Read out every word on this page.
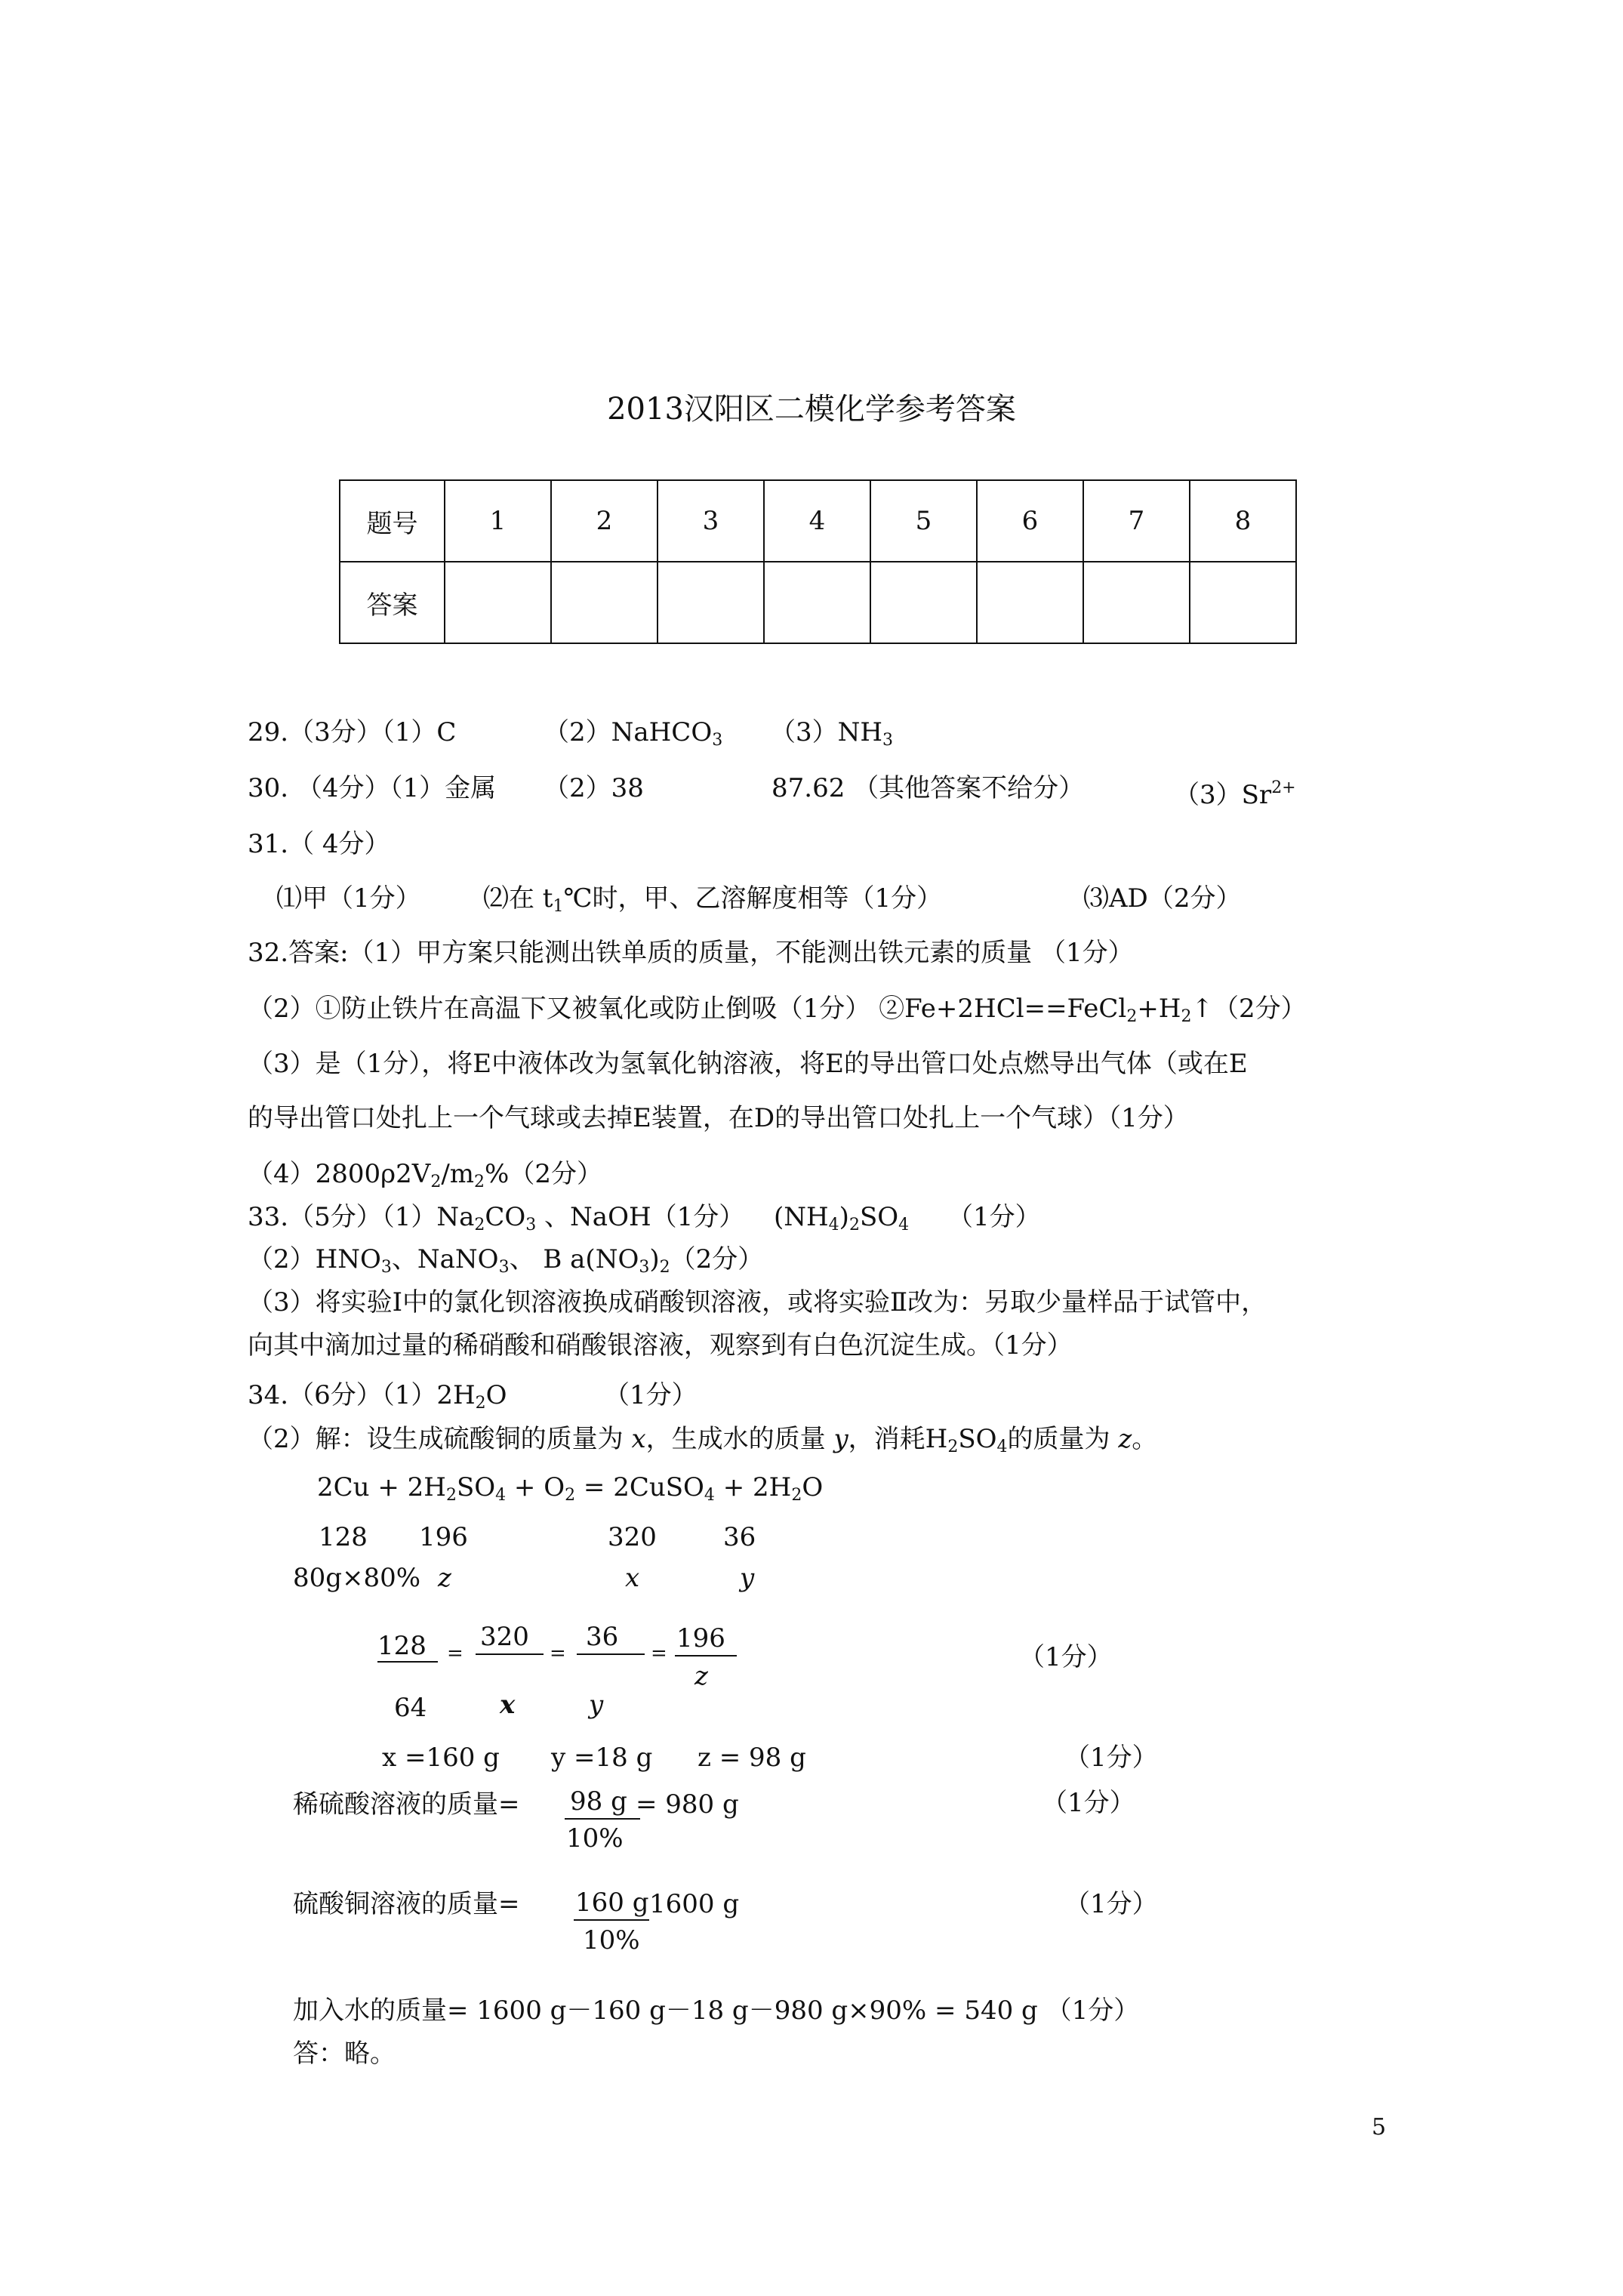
2013汉阳区二模化学参考答案
题号	1	2	3	4	5	6	7	8
答案								
29.（3分）（1）C	（2）NaHCO$_3$ $(3)NH_3$
30. （4分）（1）金属 （2）38	87.62 （其他答案不给分）	$(3)Sr^{2+}$
31.（ 4分）
⑴甲（1分） ⑵在 $t_1℃$时，甲、乙溶解度相等（1分）	⑶AD（2分）
32.答案:（1）甲方案只能测出铁单质的质量，不能测出铁元素的质量 （1分）
（2）①防止铁片在高温下又被氧化或防止倒吸（1分） $②Fe+2HCl==FeCl_2+H_2↑(2$分）
（3）是（1分），将E中液体改为氢氧化钠溶液，将E的导出管口处点燃导出气体（或在E
的导出管口处扎上一个气球或去掉E装置，在D的导出管口处扎上一个气球）（1分）
$(4)2800\rho 2V_2/m_2\%(2$分）
33.（5分）$(1)Na_2CO_3$ 、NaOH（1分） $(NH_4)_2SO_4$ （1分）
$(2)HNO_3$、NaNO$_3$、 B $a(NO_3)_2(2$分）
（3）将实验Ⅰ中的氯化钡溶液换成硝酸钡溶液，或将实验Ⅱ改为：另取少量样品于试管中，
向其中滴加过量的稀硝酸和硝酸银溶液，观察到有白色沉淀生成。（1分）
34.（6分）$(1)2H_2O$	（1分）
（2）解：设生成硫酸铜的质量为 x，生成水的质量 y，消耗$H_2SO_4$的质量为 z。
$2Cu + 2H_2SO_4 + O_2$ = 2CuSO$_4$ + $2H_2O$
128 196	320	36
80g×80% z	x	y
128
64
=
320
x
=
36
y
= 196
z
（1分）
x =160 g y =18 g z = 98 g	（1分）
稀硫酸溶液的质量= 98 g
10%
= 980 g	（1分）
硫酸铜溶液的质量= 160 g
10%
1600 g	（1分）
加入水的质量= 1600 g－160 g－18 g－980 g×90% = 540 g （1分）
答：略。
5
